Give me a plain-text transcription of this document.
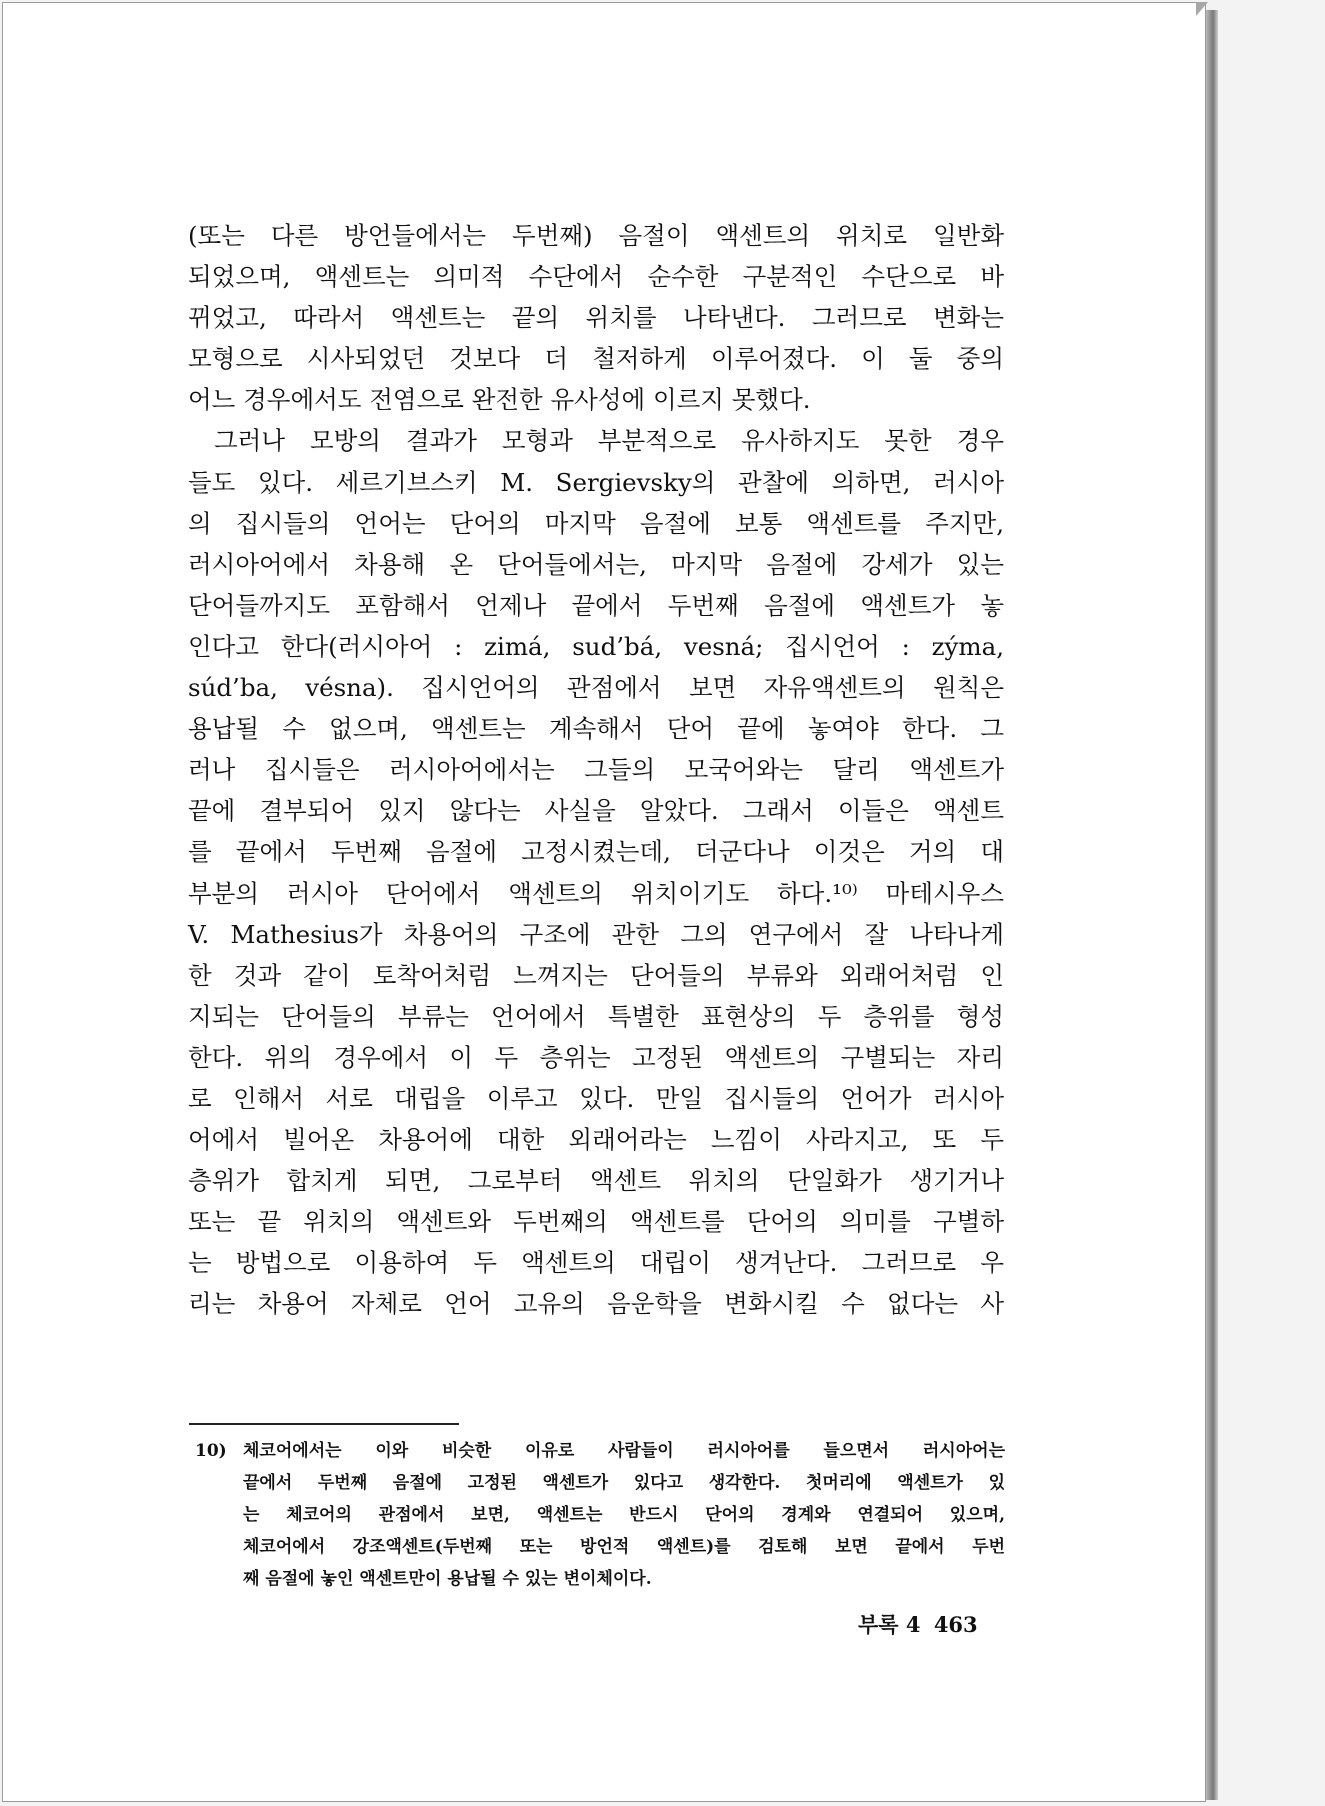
(또는 다른 방언들에서는 두번째) 음절이 액센트의 위치로 일반화
되었으며, 액센트는 의미적 수단에서 순수한 구분적인 수단으로 바
뀌었고, 따라서 액센트는 끝의 위치를 나타낸다. 그러므로 변화는
모형으로 시사되었던 것보다 더 철저하게 이루어졌다. 이 둘 중의
어느 경우에서도 전염으로 완전한 유사성에 이르지 못했다.
그러나 모방의 결과가 모형과 부분적으로 유사하지도 못한 경우
들도 있다. 세르기브스키 M. Sergievsky의 관찰에 의하면, 러시아
의 집시들의 언어는 단어의 마지막 음절에 보통 액센트를 주지만,
러시아어에서 차용해 온 단어들에서는, 마지막 음절에 강세가 있는
단어들까지도 포함해서 언제나 끝에서 두번째 음절에 액센트가 놓
인다고 한다(러시아어 : zimá, sud’bá, vesná; 집시언어 : zýma,
súd’ba, vésna). 집시언어의 관점에서 보면 자유액센트의 원칙은
용납될 수 없으며, 액센트는 계속해서 단어 끝에 놓여야 한다. 그
러나 집시들은 러시아어에서는 그들의 모국어와는 달리 액센트가
끝에 결부되어 있지 않다는 사실을 알았다. 그래서 이들은 액센트
를 끝에서 두번째 음절에 고정시켰는데, 더군다나 이것은 거의 대
부분의 러시아 단어에서 액센트의 위치이기도 하다.¹⁰⁾ 마테시우스
V. Mathesius가 차용어의 구조에 관한 그의 연구에서 잘 나타나게
한 것과 같이 토착어처럼 느껴지는 단어들의 부류와 외래어처럼 인
지되는 단어들의 부류는 언어에서 특별한 표현상의 두 층위를 형성
한다. 위의 경우에서 이 두 층위는 고정된 액센트의 구별되는 자리
로 인해서 서로 대립을 이루고 있다. 만일 집시들의 언어가 러시아
어에서 빌어온 차용어에 대한 외래어라는 느낌이 사라지고, 또 두
층위가 합치게 되면, 그로부터 액센트 위치의 단일화가 생기거나
또는 끝 위치의 액센트와 두번째의 액센트를 단어의 의미를 구별하
는 방법으로 이용하여 두 액센트의 대립이 생겨난다. 그러므로 우
리는 차용어 자체로 언어 고유의 음운학을 변화시킬 수 없다는 사
10) 체코어에서는 이와 비슷한 이유로 사람들이 러시아어를 들으면서 러시아어는
끝에서 두번째 음절에 고정된 액센트가 있다고 생각한다. 첫머리에 액센트가 있
는 체코어의 관점에서 보면, 액센트는 반드시 단어의 경계와 연결되어 있으며,
체코어에서 강조액센트(두번째 또는 방언적 액센트)를 검토해 보면 끝에서 두번
째 음절에 놓인 액센트만이 용납될 수 있는 변이체이다.
부록 4 463
